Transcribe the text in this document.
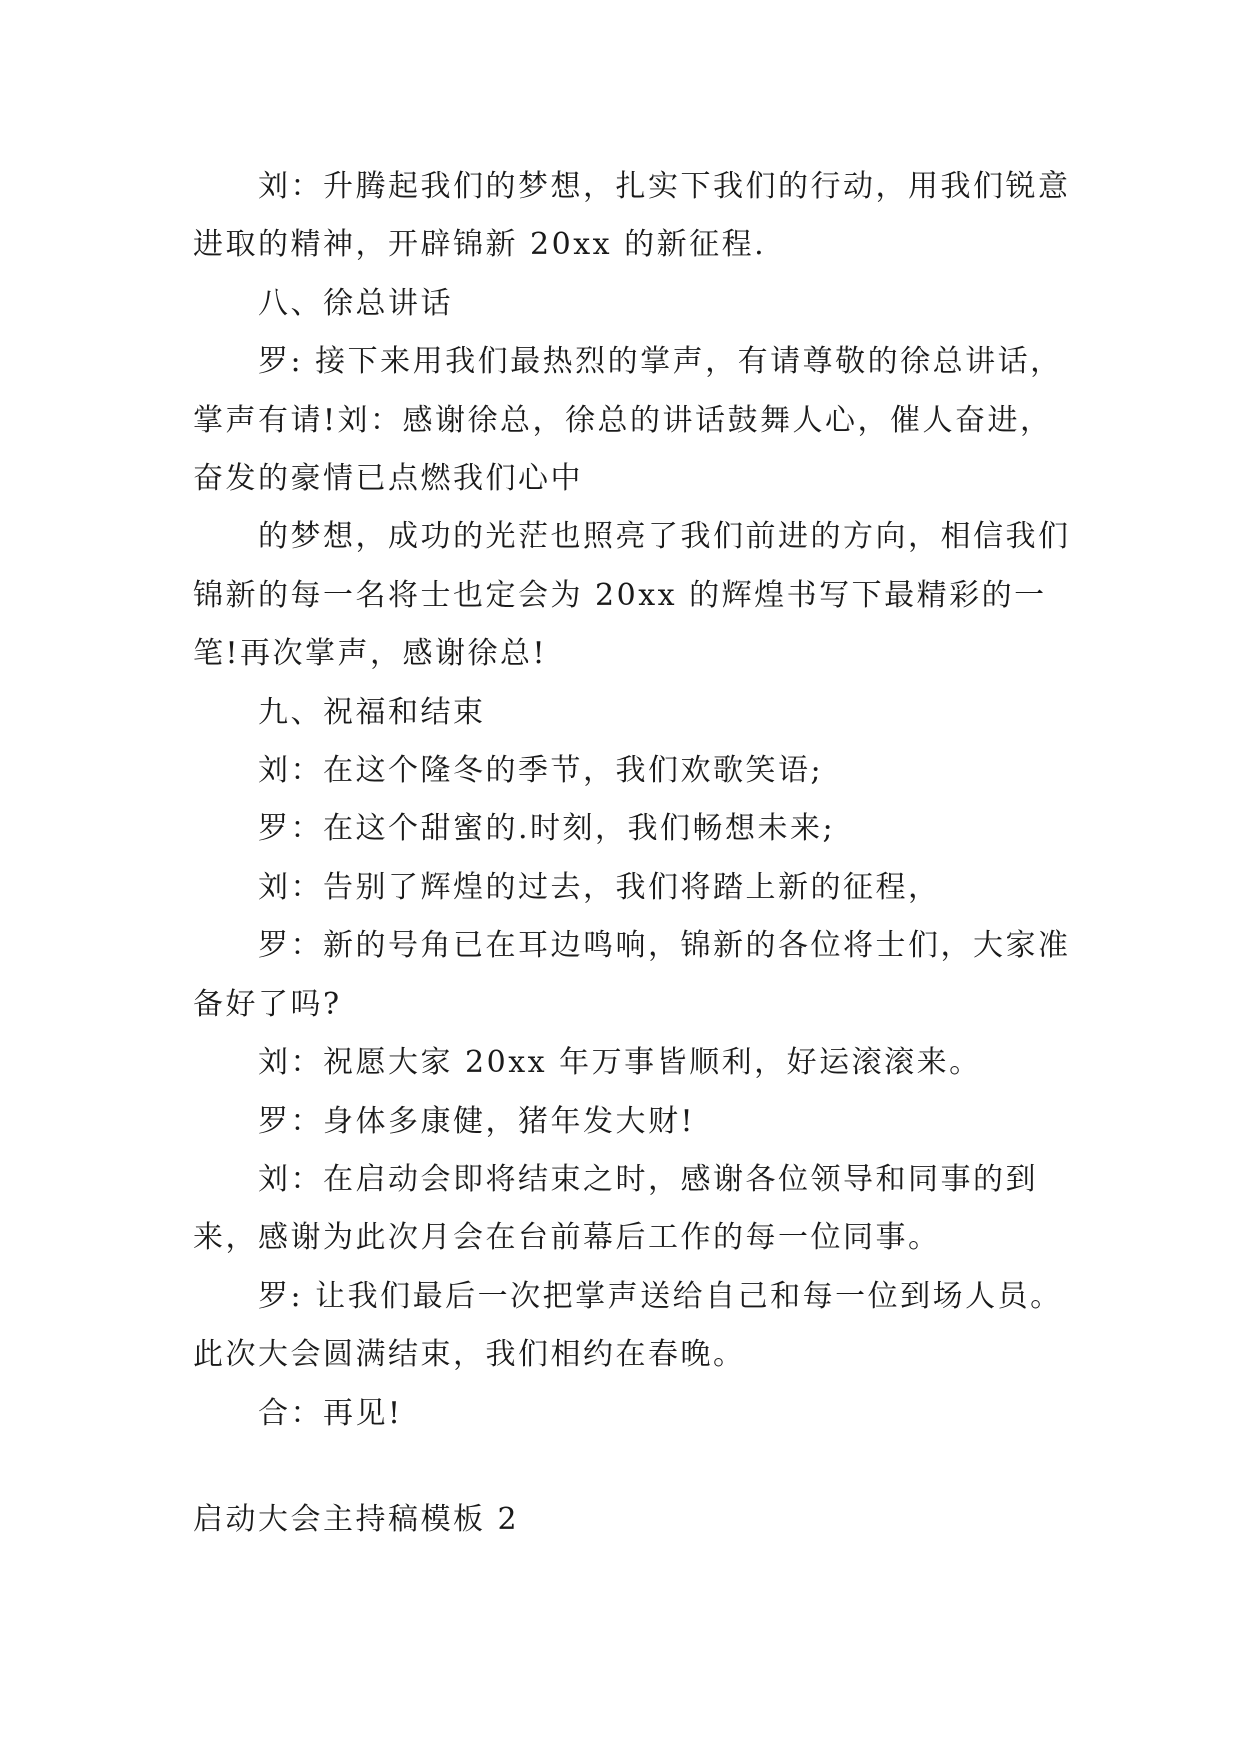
刘：升腾起我们的梦想，扎实下我们的行动，用我们锐意进取的精神，开辟锦新 20xx 的新征程.

八、徐总讲话

罗: 接下来用我们最热烈的掌声，有请尊敬的徐总讲话，掌声有请!刘：感谢徐总，徐总的讲话鼓舞人心，催人奋进，奋发的豪情已点燃我们心中

的梦想，成功的光茫也照亮了我们前进的方向，相信我们锦新的每一名将士也定会为 20xx 的辉煌书写下最精彩的一笔!再次掌声，感谢徐总!

九、祝福和结束

刘：在这个隆冬的季节，我们欢歌笑语;

罗：在这个甜蜜的.时刻，我们畅想未来;

刘：告别了辉煌的过去，我们将踏上新的征程，

罗：新的号角已在耳边鸣响，锦新的各位将士们，大家准备好了吗?

刘：祝愿大家 20xx 年万事皆顺利，好运滚滚来。

罗：身体多康健，猪年发大财!

刘：在启动会即将结束之时，感谢各位领导和同事的到来，感谢为此次月会在台前幕后工作的每一位同事。

罗: 让我们最后一次把掌声送给自己和每一位到场人员。此次大会圆满结束，我们相约在春晚。

合：再见!

启动大会主持稿模板 2
